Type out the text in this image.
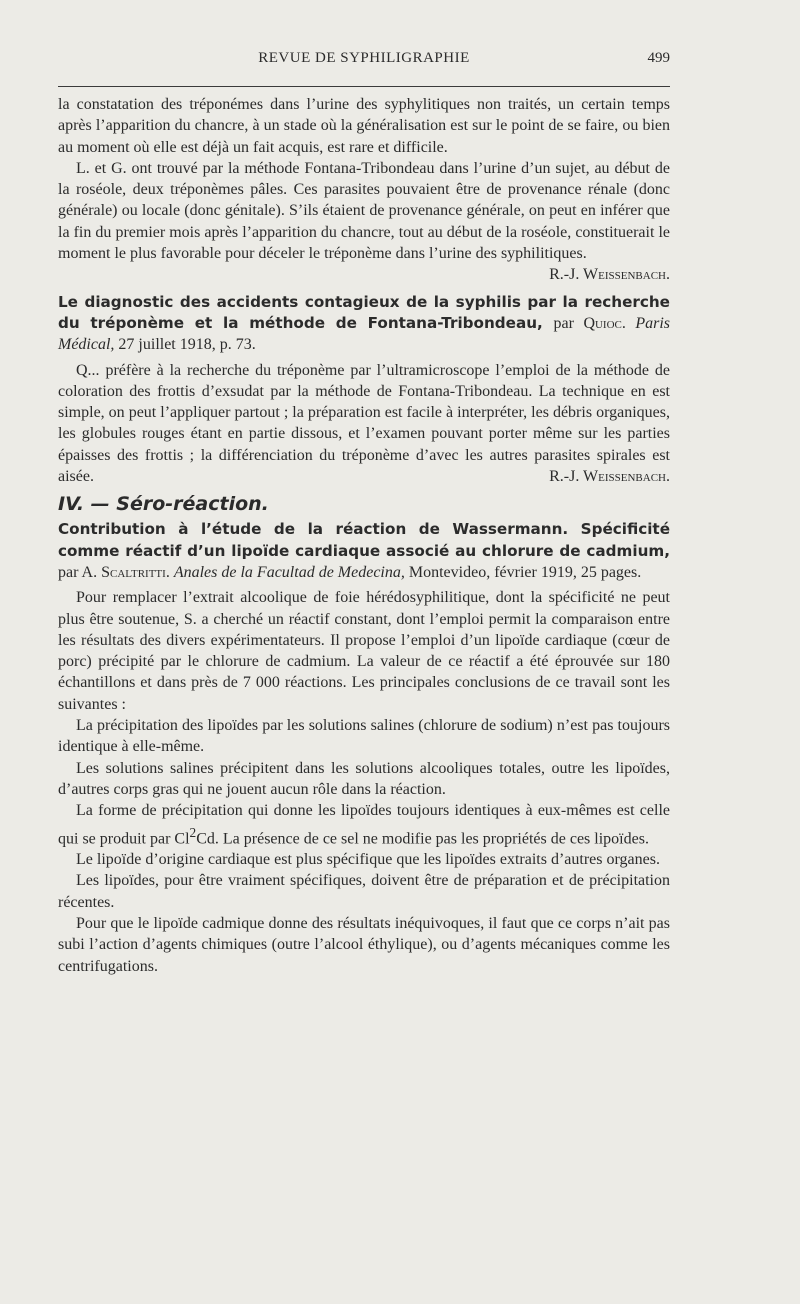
REVUE DE SYPHILIGRAPHIE	499

la constatation des tréponémes dans l’urine des syphylitiques non traités, un certain temps après l’apparition du chancre, à un stade où la généralisation est sur le point de se faire, ou bien au moment où elle est déjà un fait acquis, est rare et difficile.

L. et G. ont trouvé par la méthode Fontana-Tribondeau dans l’urine d’un sujet, au début de la roséole, deux tréponèmes pâles. Ces parasites pouvaient être de provenance rénale (donc générale) ou locale (donc génitale). S’ils étaient de provenance générale, on peut en inférer que la fin du premier mois après l’apparition du chancre, tout au début de la roséole, constituerait le moment le plus favorable pour déceler le tréponème dans l’urine des syphilitiques.
R.-J. Weissenbach.

Le diagnostic des accidents contagieux de la syphilis par la recherche du tréponème et la méthode de Fontana-Tribondeau, par Quioc. Paris Médical, 27 juillet 1918, p. 73.

Q... préfère à la recherche du tréponème par l’ultramicroscope l’emploi de la méthode de coloration des frottis d’exsudat par la méthode de Fontana-Tribondeau. La technique en est simple, on peut l’appliquer partout ; la préparation est facile à interpréter, les débris organiques, les globules rouges étant en partie dissous, et l’examen pouvant porter même sur les parties épaisses des frottis ; la différenciation du tréponème d’avec les autres parasites spirales est aisée.	R.-J. Weissenbach.

IV. — Séro-réaction.

Contribution à l’étude de la réaction de Wassermann. Spécificité comme réactif d’un lipoïde cardiaque associé au chlorure de cadmium, par A. Scaltritti. Anales de la Facultad de Medecina, Montevideo, février 1919, 25 pages.

Pour remplacer l’extrait alcoolique de foie hérédosyphilitique, dont la spécificité ne peut plus être soutenue, S. a cherché un réactif constant, dont l’emploi permit la comparaison entre les résultats des divers expérimentateurs. Il propose l’emploi d’un lipoïde cardiaque (cœur de porc) précipité par le chlorure de cadmium. La valeur de ce réactif a été éprouvée sur 180 échantillons et dans près de 7 000 réactions. Les principales conclusions de ce travail sont les suivantes :

La précipitation des lipoïdes par les solutions salines (chlorure de sodium) n’est pas toujours identique à elle-même.

Les solutions salines précipitent dans les solutions alcooliques totales, outre les lipoïdes, d’autres corps gras qui ne jouent aucun rôle dans la réaction.

La forme de précipitation qui donne les lipoïdes toujours identiques à eux-mêmes est celle qui se produit par Cl$^2$Cd. La présence de ce sel ne modifie pas les propriétés de ces lipoïdes.

Le lipoïde d’origine cardiaque est plus spécifique que les lipoïdes extraits d’autres organes.

Les lipoïdes, pour être vraiment spécifiques, doivent être de préparation et de précipitation récentes.

Pour que le lipoïde cadmique donne des résultats inéquivoques, il faut que ce corps n’ait pas subi l’action d’agents chimiques (outre l’alcool éthylique), ou d’agents mécaniques comme les centrifugations.
